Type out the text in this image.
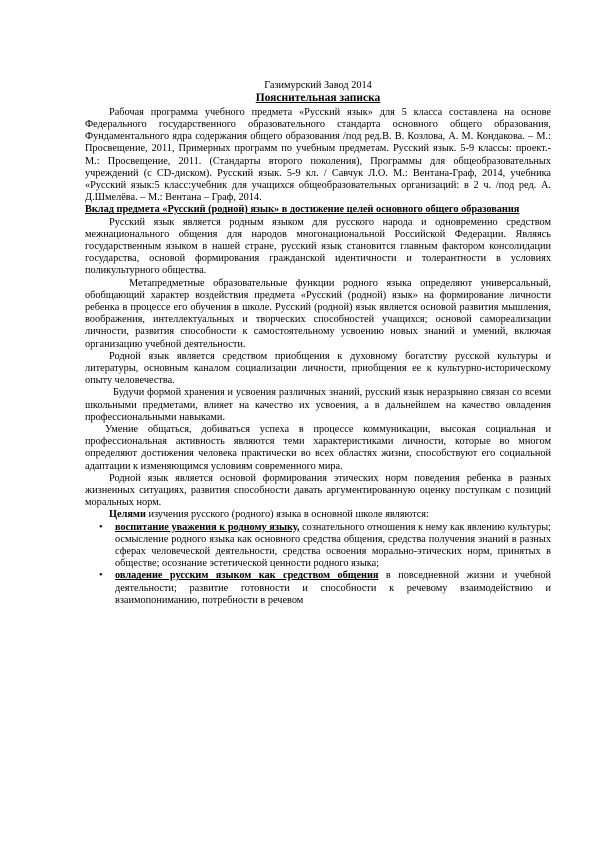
Газимурский Завод 2014

Пояснительная записка

Рабочая программа учебного предмета «Русский язык» для 5 класса составлена на основе Федерального государственного образовательного стандарта основного общего образования, Фундаментального ядра содержания общего образования /под ред.В. В. Козлова, А. М. Кондакова. – М.: Просвещение, 2011, Примерных программ по учебным предметам. Русский язык. 5-9 классы: проект.- М.: Просвещение, 2011. (Стандарты второго поколения), Программы для общеобразовательных учреждений (с CD-диском). Русский язык. 5-9 кл. / Савчук Л.О. М.: Вентана-Граф, 2014, учебника «Русский язык:5 класс:учебник для учащихся общеобразовательных организаций: в 2 ч. /под ред. А. Д.Шмелёва. – М.: Вентана – Граф, 2014.

Вклад предмета «Русский (родной) язык» в достижение целей основного общего образования

Русский язык является родным языком для русского народа и одновременно средством межнационального общения для народов многонациональной Российской Федерации. Являясь государственным языком в нашей стране, русский язык становится главным фактором консолидации государства, основой формирования гражданской идентичности и толерантности в условиях поликультурного общества.

Метапредметные образовательные функции родного языка определяют универсальный, обобщающий характер воздействия предмета «Русский (родной) язык» на формирование личности ребенка в процессе его обучения в школе. Русский (родной) язык является основой развития мышления, воображения, интеллектуальных и творческих способностей учащихся; основой самореализации личности, развития способности к самостоятельному усвоению новых знаний и умений, включая организацию учебной деятельности.

Родной язык является средством приобщения к духовному богатству русской культуры и литературы, основным каналом социализации личности, приобщения ее к культурно-историческому опыту человечества.

Будучи формой хранения и усвоения различных знаний, русский язык неразрывно связан со всеми школьными предметами, влияет на качество их усвоения, а в дальнейшем на качество овладения профессиональными навыками.

Умение общаться, добиваться успеха в процессе коммуникации, высокая социальная и профессиональная активность являются теми характеристиками личности, которые во многом определяют достижения человека практически во всех областях жизни, способствуют его социальной адаптации к изменяющимся условиям современного мира.

Родной язык является основой формирования этических норм поведения ребенка в разных жизненных ситуациях, развития способности давать аргументированную оценку поступкам с позиций моральных норм.

Целями изучения русского (родного) языка в основной школе являются:

• воспитание уважения к родному языку, сознательного отношения к нему как явлению культуры; осмысление родного языка как основного средства общения, средства получения знаний в разных сферах человеческой деятельности, средства освоения морально-этических норм, принятых в обществе; осознание эстетической ценности родного языка;
• овладение русским языком как средством общения в повседневной жизни и учебной деятельности; развитие готовности и способности к речевому взаимодействию и взаимопониманию, потребности в речевом
